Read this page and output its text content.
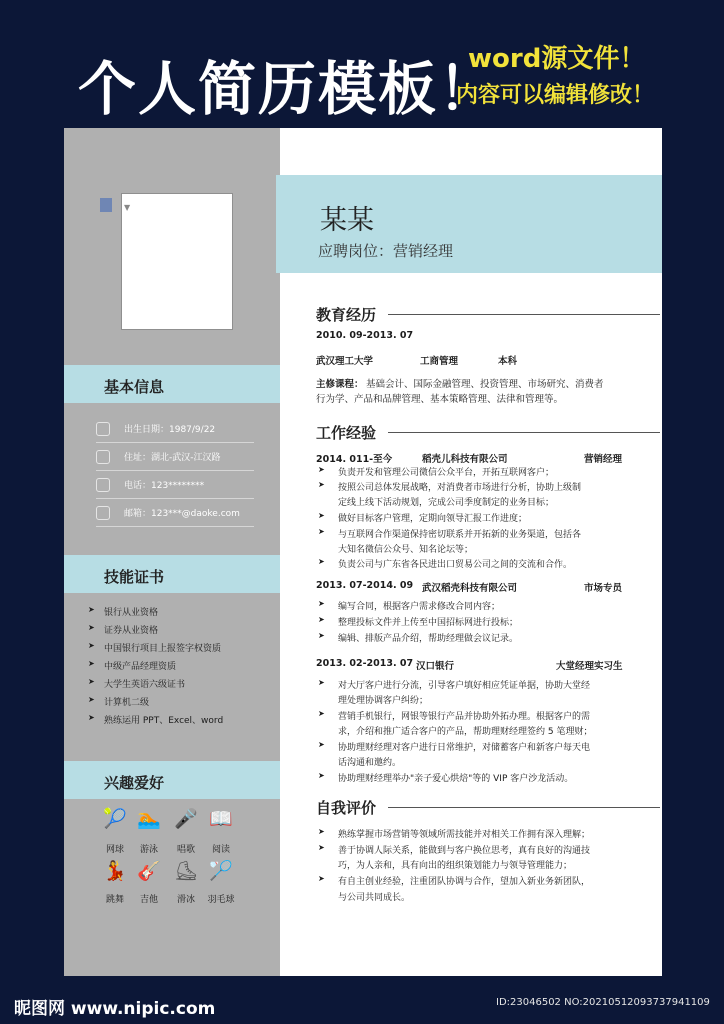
个人简历模板！
word源文件！
内容可以编辑修改！
▼
基本信息
出生日期：1987/9/22
住址：湖北-武汉-江汉路
电话：123********
邮箱：123***@daoke.com
技能证书
➤ 银行从业资格
➤ 证券从业资格
➤ 中国银行项目上报签字权资质
➤ 中级产品经理资质
➤ 大学生英语六级证书
➤ 计算机二级
➤ 熟练运用 PPT、Excel、word
兴趣爱好
🎾 🏊 🎤 📖
网球	游泳	唱歌	阅读
💃 🎸 ⛸ 🏸
跳舞	吉他	滑冰	羽毛球
某某
应聘岗位：营销经理
教育经历
2010. 09-2013. 07
武汉理工大学	工商管理	本科
主修课程： 基础会计、国际金融管理、投资管理、市场研究、消费者
行为学、产品和品牌管理、基本策略管理、法律和管理等。
工作经验
2014. 011-至今	稻壳儿科技有限公司	营销经理
➤ 负责开发和管理公司微信公众平台，开拓互联网客户；
➤ 按照公司总体发展战略，对消费者市场进行分析，协助上级制
定线上线下活动规划，完成公司季度制定的业务目标；
➤ 做好目标客户管理，定期向领导汇报工作进度；
➤ 与互联网合作渠道保持密切联系并开拓新的业务渠道，包括各
大知名微信公众号、知名论坛等；
➤ 负责公司与广东省各民进出口贸易公司之间的交流和合作。
2013. 07-2014. 09 武汉稻壳科技有限公司	市场专员
➤ 编写合同，根据客户需求修改合同内容；
➤ 整理投标文件并上传至中国招标网进行投标；
➤ 编辑、排版产品介绍，帮助经理做会议记录。
2013. 02-2013. 07 汉口银行	大堂经理实习生
➤ 对大厅客户进行分流，引导客户填好相应凭证单据，协助大堂经
理处理协调客户纠纷；
➤ 营销手机银行，网银等银行产品并协助外拓办理。根据客户的需
求，介绍和推广适合客户的产品，帮助理财经理签约 5 笔理财；
➤ 协助理财经理对客户进行日常维护，对储蓄客户和新客户每天电
话沟通和邀约。
➤ 协助理财经理举办"亲子爱心烘焙"等的 VIP 客户沙龙活动。
自我评价
➤ 熟练掌握市场营销等领域所需技能并对相关工作拥有深入理解；
➤ 善于协调人际关系，能做到与客户换位思考，真有良好的沟通技
巧，为人亲和，具有向出的组织策划能力与领导管理能力；
➤ 有自主创业经验，注重团队协调与合作，望加入新业务新团队，
与公司共同成长。
昵图网 www.nipic.com	ID:23046502 NO:20210512093737941109
